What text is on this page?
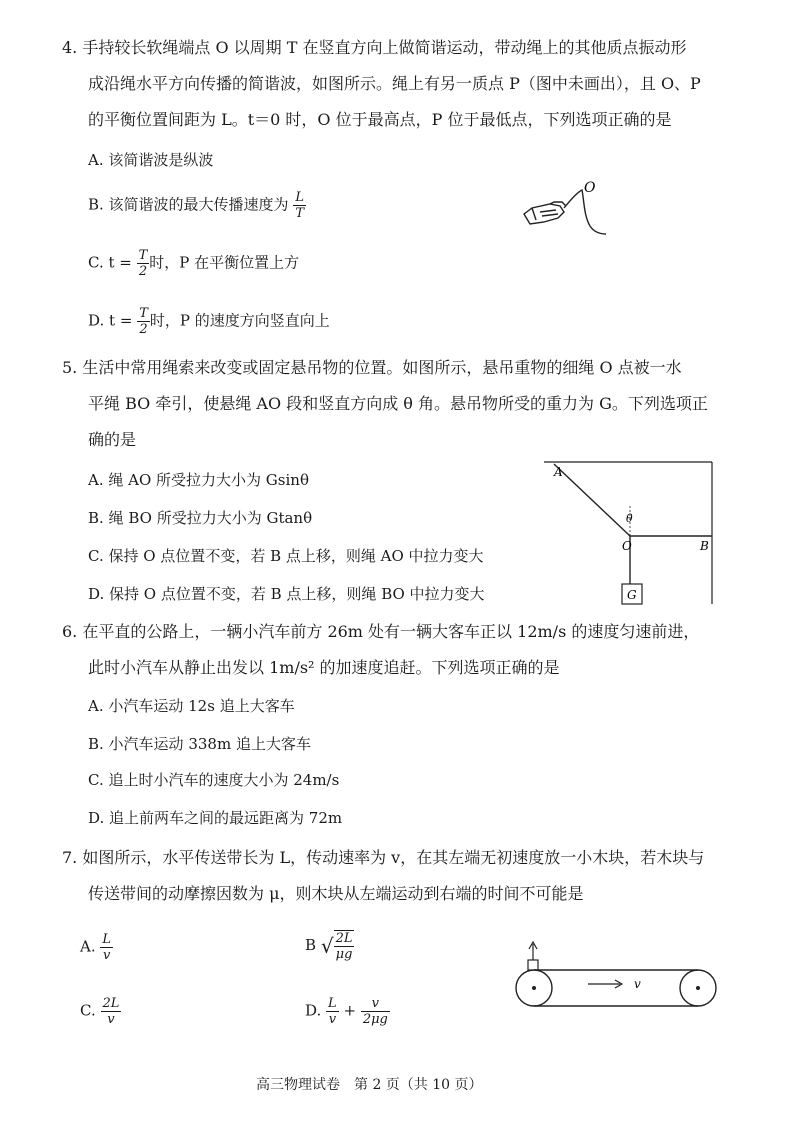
4. 手持较长软绳端点 O 以周期 T 在竖直方向上做简谐运动，带动绳上的其他质点振动形
成沿绳水平方向传播的简谐波，如图所示。绳上有另一质点 P（图中未画出），且 O、P
的平衡位置间距为 L。t＝0 时，O 位于最高点，P 位于最低点，下列选项正确的是
A. 该简谐波是纵波
B. 该简谐波的最大传播速度为 $\frac{L}{T}$
C. $t = \frac{T}{2}$ 时，P 在平衡位置上方
D. $t = \frac{T}{2}$ 时，P 的速度方向竖直向上
O
5. 生活中常用绳索来改变或固定悬吊物的位置。如图所示，悬吊重物的细绳 O 点被一水
平绳 BO 牵引，使悬绳 AO 段和竖直方向成 θ 角。悬吊物所受的重力为 G。下列选项正
确的是
A. 绳 AO 所受拉力大小为 Gsinθ
B. 绳 BO 所受拉力大小为 Gtanθ
C. 保持 O 点位置不变，若 B 点上移，则绳 AO 中拉力变大
D. 保持 O 点位置不变，若 B 点上移，则绳 BO 中拉力变大
A
O	B
θ
G
6. 在平直的公路上，一辆小汽车前方 26m 处有一辆大客车正以 12m/s 的速度匀速前进，
此时小汽车从静止出发以 1m/s² 的加速度追赶。下列选项正确的是
A. 小汽车运动 12s 追上大客车
B. 小汽车运动 338m 追上大客车
C. 追上时小汽车的速度大小为 24m/s
D. 追上前两车之间的最远距离为 72m
7. 如图所示，水平传送带长为 L，传动速率为 v，在其左端无初速度放一小木块，若木块与
传送带间的动摩擦因数为 μ，则木块从左端运动到右端的时间不可能是
A. $\frac{L}{v}$	B √ $\frac{2L}{\mu g}$
C. $\frac{2L}{v}$	D. $\frac{L}{v} + \frac{v}{2\mu g}$
v
高三物理试卷　第 2 页（共 10 页）
